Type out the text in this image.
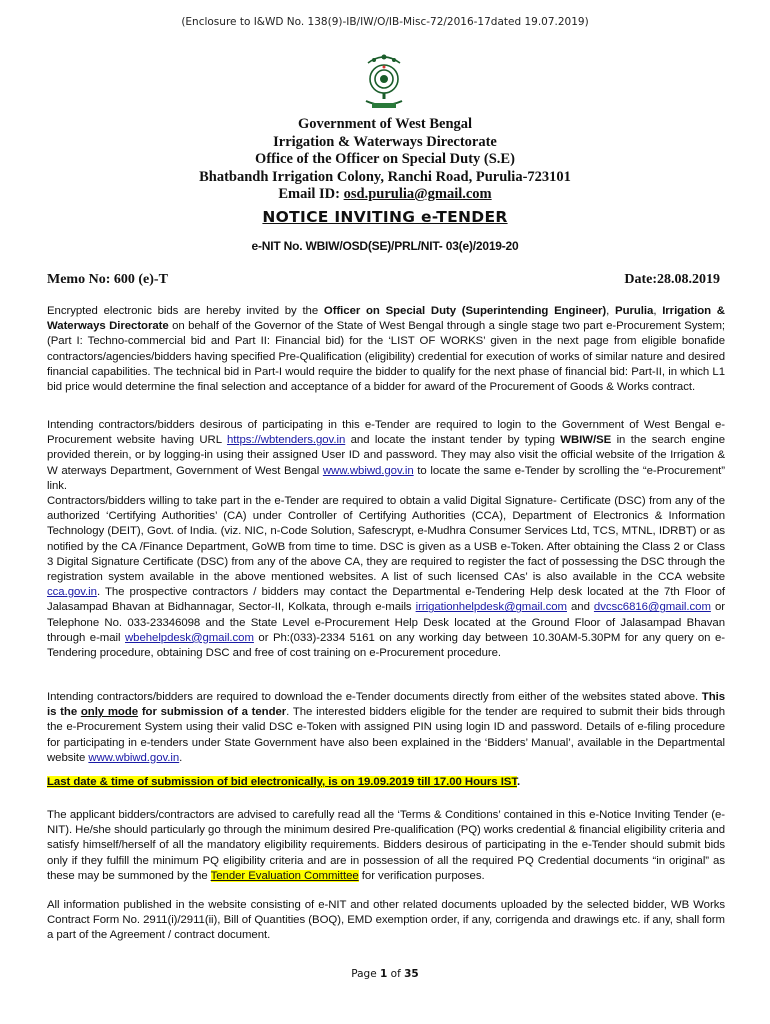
(Enclosure to I&WD No. 138(9)-IB/IW/O/IB-Misc-72/2016-17dated 19.07.2019)
Government of West Bengal
Irrigation & Waterways Directorate
Office of the Officer on Special Duty (S.E)
Bhatbandh Irrigation Colony, Ranchi Road, Purulia-723101
Email ID: osd.purulia@gmail.com
NOTICE INVITING e-TENDER
e-NIT No. WBIW/OSD(SE)/PRL/NIT- 03(e)/2019-20
Memo No: 600 (e)-T	Date:28.08.2019

Encrypted electronic bids are hereby invited by the Officer on Special Duty (Superintending Engineer), Purulia, Irrigation & Waterways Directorate on behalf of the Governor of the State of West Bengal through a single stage two part e-Procurement System; (Part I: Techno-commercial bid and Part II: Financial bid) for the ‘LIST OF WORKS’ given in the next page from eligible bonafide contractors/agencies/bidders having specified Pre-Qualification (eligibility) credential for execution of works of similar nature and desired financial capabilities. The technical bid in Part-I would require the bidder to qualify for the next phase of financial bid: Part-II, in which L1 bid price would determine the final selection and acceptance of a bidder for award of the Procurement of Goods & Works contract.

Intending contractors/bidders desirous of participating in this e-Tender are required to login to the Government of West Bengal e-Procurement website having URL https://wbtenders.gov.in and locate the instant tender by typing WBIW/SE in the search engine provided therein, or by logging-in using their assigned User ID and password. They may also visit the official website of the Irrigation & W aterways Department, Government of West Bengal www.wbiwd.gov.in to locate the same e-Tender by scrolling the “e-Procurement” link.

Contractors/bidders willing to take part in the e-Tender are required to obtain a valid Digital Signature- Certificate (DSC) from any of the authorized ‘Certifying Authorities’ (CA) under Controller of Certifying Authorities (CCA), Department of Electronics & Information Technology (DEIT), Govt. of India. (viz. NIC, n-Code Solution, Safescrypt, e-Mudhra Consumer Services Ltd, TCS, MTNL, IDRBT) or as notified by the CA /Finance Department, GoWB from time to time. DSC is given as a USB e-Token. After obtaining the Class 2 or Class 3 Digital Signature Certificate (DSC) from any of the above CA, they are required to register the fact of possessing the DSC through the registration system available in the above mentioned websites. A list of such licensed CAs’ is also available in the CCA website cca.gov.in. The prospective contractors / bidders may contact the Departmental e-Tendering Help desk located at the 7th Floor of Jalasampad Bhavan at Bidhannagar, Sector-II, Kolkata, through e-mails irrigationhelpdesk@gmail.com and dvcsc6816@gmail.com or Telephone No. 033-23346098 and the State Level e-Procurement Help Desk located at the Ground Floor of Jalasampad Bhavan through e-mail wbehelpdesk@gmail.com or Ph:(033)-2334 5161 on any working day between 10.30AM-5.30PM for any query on e-Tendering procedure, obtaining DSC and free of cost training on e-Procurement procedure.

Intending contractors/bidders are required to download the e-Tender documents directly from either of the websites stated above. This is the only mode for submission of a tender. The interested bidders eligible for the tender are required to submit their bids through the e-Procurement System using their valid DSC e-Token with assigned PIN using login ID and password. Details of e-filing procedure for participating in e-tenders under State Government have also been explained in the ‘Bidders’ Manual’, available in the Departmental website www.wbiwd.gov.in.

Last date & time of submission of bid electronically, is on 19.09.2019 till 17.00 Hours IST.

The applicant bidders/contractors are advised to carefully read all the ‘Terms & Conditions’ contained in this e-Notice Inviting Tender (e-NIT). He/she should particularly go through the minimum desired Pre-qualification (PQ) works credential & financial eligibility criteria and satisfy himself/herself of all the mandatory eligibility requirements. Bidders desirous of participating in the e-Tender should submit bids only if they fulfill the minimum PQ eligibility criteria and are in possession of all the required PQ Credential documents “in original” as these may be summoned by the Tender Evaluation Committee for verification purposes.

All information published in the website consisting of e-NIT and other related documents uploaded by the selected bidder, WB Works Contract Form No. 2911(i)/2911(ii), Bill of Quantities (BOQ), EMD exemption order, if any, corrigenda and drawings etc. if any, shall form a part of the Agreement / contract document.

Page 1 of 35
